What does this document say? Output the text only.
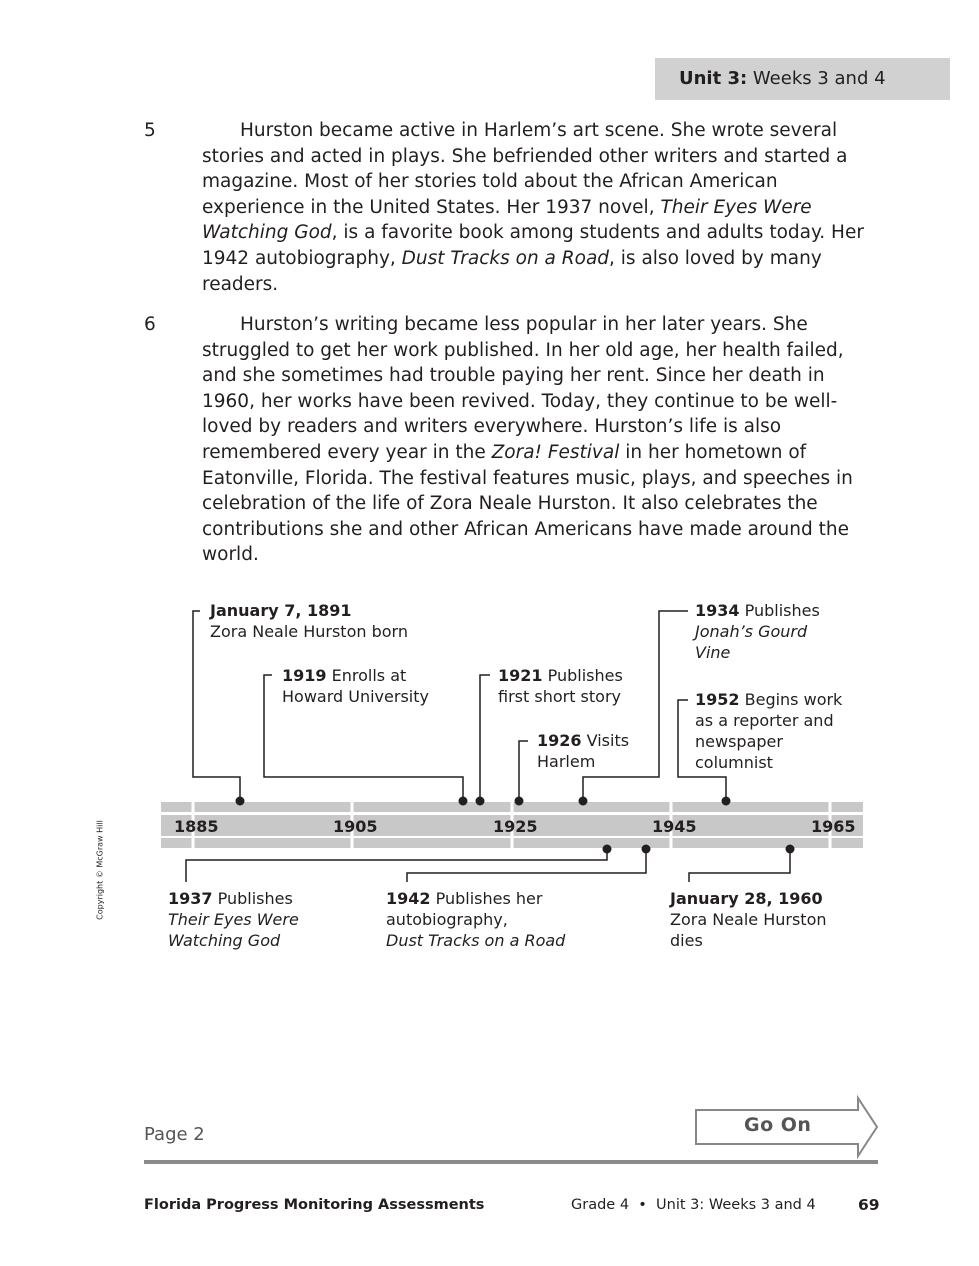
Unit 3: Weeks 3 and 4
5	Hurston became active in Harlem’s art scene. She wrote several stories and acted in plays. She befriended other writers and started a magazine. Most of her stories told about the African American experience in the United States. Her 1937 novel, Their Eyes Were Watching God, is a favorite book among students and adults today. Her 1942 autobiography, Dust Tracks on a Road, is also loved by many readers.

6	Hurston’s writing became less popular in her later years. She struggled to get her work published. In her old age, her health failed, and she sometimes had trouble paying her rent. Since her death in 1960, her works have been revived. Today, they continue to be well-loved by readers and writers everywhere. Hurston’s life is also remembered every year in the Zora! Festival in her hometown of Eatonville, Florida. The festival features music, plays, and speeches in celebration of the life of Zora Neale Hurston. It also celebrates the contributions she and other African Americans have made around the world.

1885	1905	1925	1945	1965
January 7, 1891
Zora Neale Hurston born
1919 Enrolls at
Howard University
1921 Publishes
first short story
1926 Visits
Harlem
1934 Publishes
Jonah’s Gourd
Vine
1952 Begins work
as a reporter and
newspaper
columnist
1937 Publishes
Their Eyes Were
Watching God
1942 Publishes her
autobiography,
Dust Tracks on a Road
January 28, 1960
Zora Neale Hurston
dies
Copyright © McGraw Hill
Page 2	Go On
Florida Progress Monitoring Assessments	Grade 4  •  Unit 3: Weeks 3 and 4	69
